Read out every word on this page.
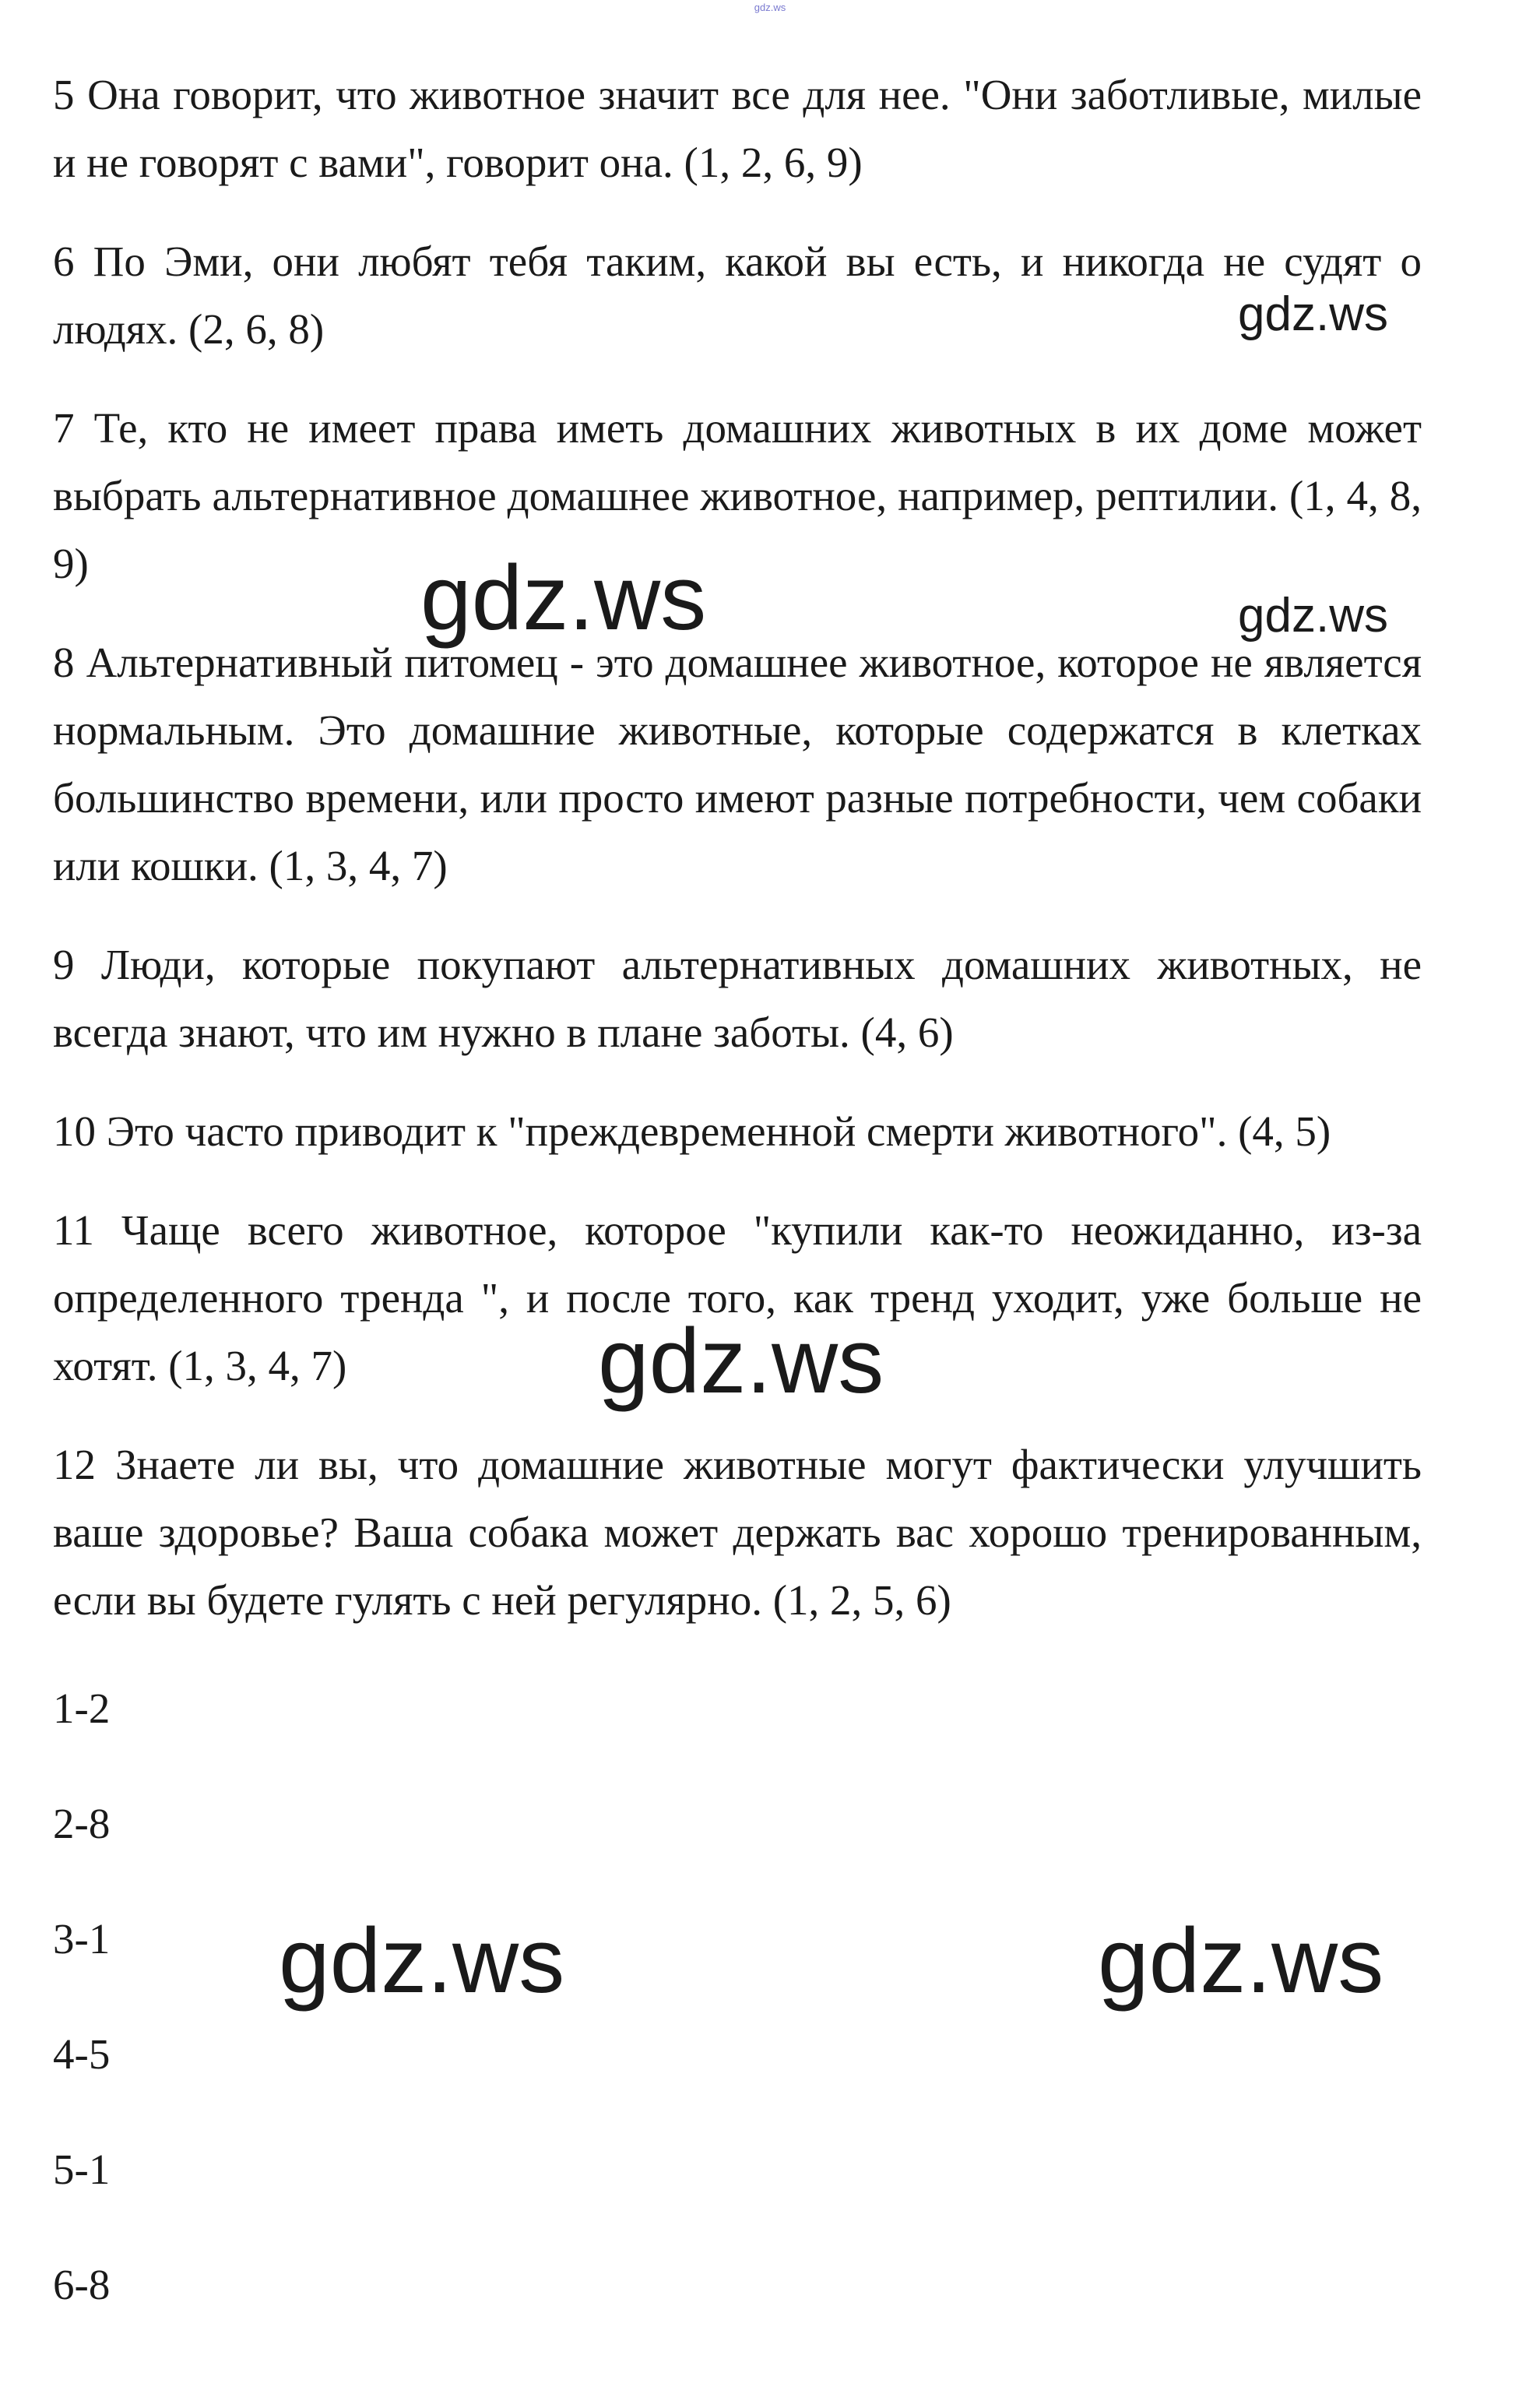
gdz.ws

5 Она говорит, что животное значит все для нее. "Они заботливые, милые и не говорят с вами", говорит она. (1, 2, 6, 9)

6 По Эми, они любят тебя таким, какой вы есть, и никогда не судят о людях. (2, 6, 8)

7 Те, кто не имеет права иметь домашних животных в их доме может выбрать альтернативное домашнее животное, например, рептилии. (1, 4, 8, 9)

8 Альтернативный питомец - это домашнее животное, которое не является нормальным. Это домашние животные, которые содержатся в клетках большинство времени, или просто имеют разные потребности, чем собаки или кошки. (1, 3, 4, 7)

9 Люди, которые покупают альтернативных домашних животных, не всегда знают, что им нужно в плане заботы. (4, 6)

10 Это часто приводит к "преждевременной смерти животного". (4, 5)

11 Чаще всего животное, которое "купили как-то неожиданно, из-за определенного тренда ", и после того, как тренд уходит, уже больше не хотят. (1, 3, 4, 7)

12 Знаете ли вы, что домашние животные могут фактически улучшить ваше здоровье? Ваша собака может держать вас хорошо тренированным, если вы будете гулять с ней регулярно. (1, 2, 5, 6)

1-2
2-8
3-1
4-5
5-1
6-8
gdz.ws
gdz.ws	gdz.ws
gdz.ws
gdz.ws	gdz.ws
